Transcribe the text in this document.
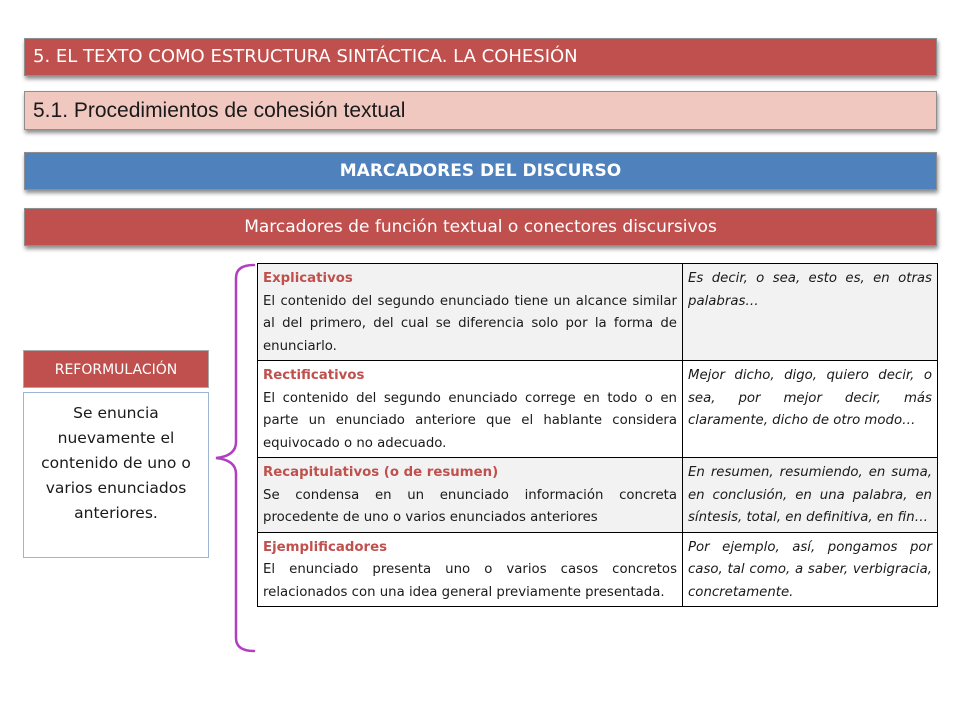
5. EL TEXTO COMO ESTRUCTURA SINTÁCTICA. LA COHESIÓN
5.1. Procedimientos de cohesión textual
MARCADORES DEL DISCURSO
Marcadores de función textual o conectores discursivos
REFORMULACIÓN
Se enuncia nuevamente el contenido de uno o varios enunciados anteriores.
Explicativos
El contenido del segundo enunciado tiene un alcance similar al del primero, del cual se diferencia solo por la forma de enunciarlo.	Es decir, o sea, esto es, en otras palabras…

Rectificativos
El contenido del segundo enunciado correge en todo o en parte un enunciado anteriore que el hablante considera equivocado o no adecuado.	Mejor dicho, digo, quiero decir, o sea, por mejor decir, más claramente, dicho de otro modo…

Recapitulativos (o de resumen)
Se condensa en un enunciado información concreta procedente de uno o varios enunciados anteriores	En resumen, resumiendo, en suma, en conclusión, en una palabra, en síntesis, total, en definitiva, en fin…

Ejemplificadores
El enunciado presenta uno o varios casos concretos relacionados con una idea general previamente presentada.	Por ejemplo, así, pongamos por caso, tal como, a saber, verbigracia, concretamente.
